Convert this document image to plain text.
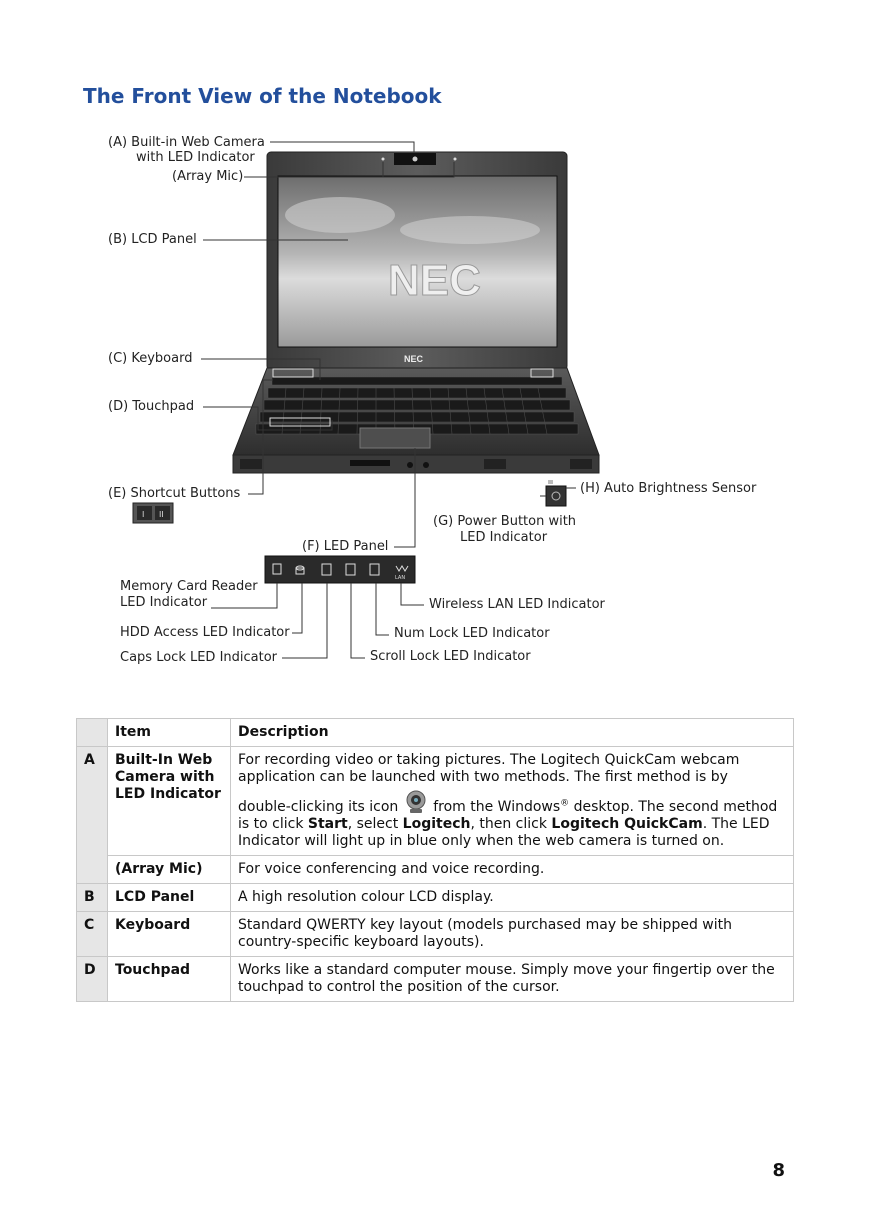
The Front View of the Notebook
NEC
NEC
I II
LAN
(A) Built-in Web Camera
with LED Indicator
(Array Mic)
(B) LCD Panel
(C) Keyboard
(D) Touchpad
(E) Shortcut Buttons
(F) LED Panel
(G) Power Button with
LED Indicator
(H) Auto Brightness Sensor
Memory Card Reader
LED Indicator
HDD Access LED Indicator
Caps Lock LED Indicator
Wireless LAN LED Indicator
Num Lock LED Indicator
Scroll Lock LED Indicator
	Item	Description
A	Built-In Web Camera with LED Indicator	For recording video or taking pictures. The Logitech QuickCam webcam application can be launched with two methods. The first method is by

double-clicking its icon  from the Windows® desktop. The second method is to click Start, select Logitech, then click Logitech QuickCam. The LED Indicator will light up in blue only when the web camera is turned on.

	(Array Mic)	For voice conferencing and voice recording.
B	LCD Panel	A high resolution colour LCD display.
C	Keyboard	Standard QWERTY key layout (models purchased may be shipped with country-specific keyboard layouts).
D	Touchpad	Works like a standard computer mouse. Simply move your fingertip over the touchpad to control the position of the cursor.
8
